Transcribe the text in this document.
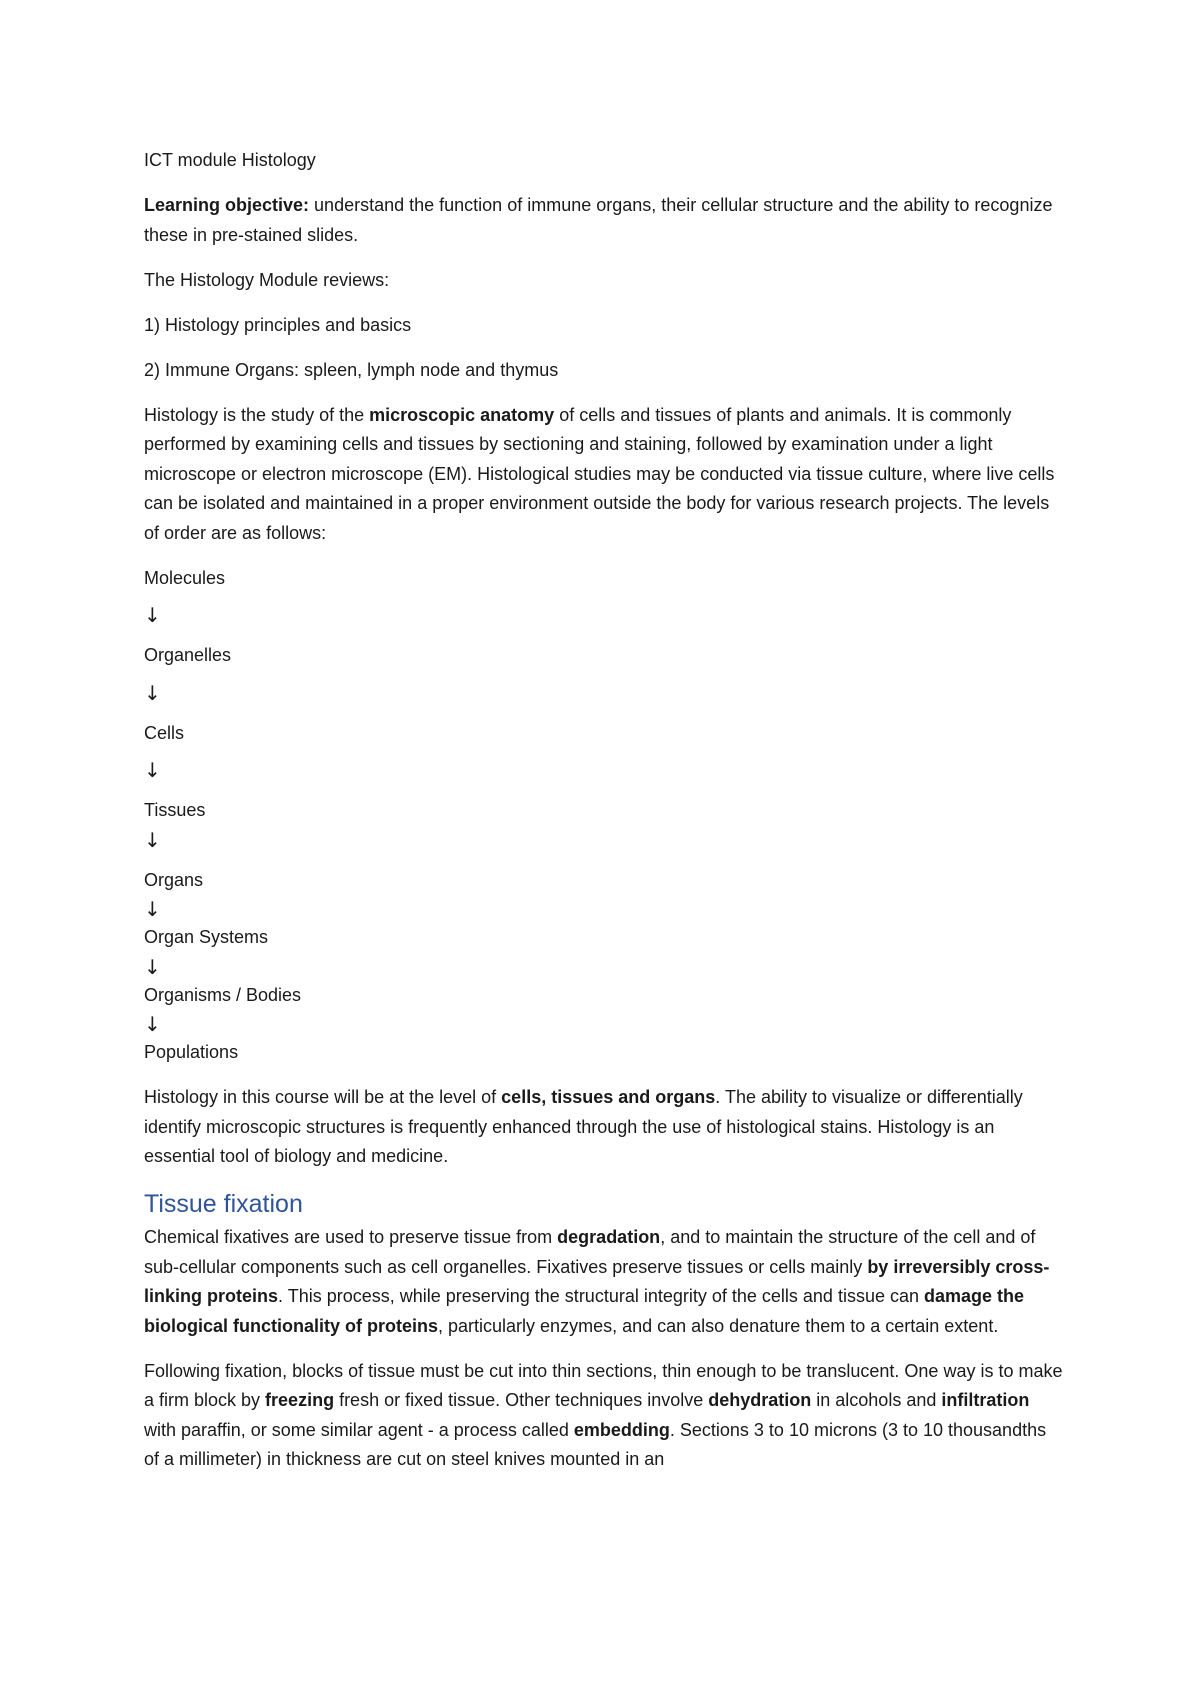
ICT module Histology

Learning objective: understand the function of immune organs, their cellular structure and the ability to recognize these in pre-stained slides.

The Histology Module reviews:

1) Histology principles and basics

2) Immune Organs: spleen, lymph node and thymus

Histology is the study of the microscopic anatomy of cells and tissues of plants and animals. It is commonly performed by examining cells and tissues by sectioning and staining, followed by examination under a light microscope or electron microscope (EM). Histological studies may be conducted via tissue culture, where live cells can be isolated and maintained in a proper environment outside the body for various research projects. The levels of order are as follows:

Molecules

↓

Organelles

↓

Cells

↓

Tissues

↓

Organs

↓

Organ Systems

↓

Organisms / Bodies

↓

Populations

Histology in this course will be at the level of cells, tissues and organs. The ability to visualize or differentially identify microscopic structures is frequently enhanced through the use of histological stains. Histology is an essential tool of biology and medicine.

Tissue fixation

Chemical fixatives are used to preserve tissue from degradation, and to maintain the structure of the cell and of sub-cellular components such as cell organelles. Fixatives preserve tissues or cells mainly by irreversibly cross-linking proteins. This process, while preserving the structural integrity of the cells and tissue can damage the biological functionality of proteins, particularly enzymes, and can also denature them to a certain extent.

Following fixation, blocks of tissue must be cut into thin sections, thin enough to be translucent. One way is to make a firm block by freezing fresh or fixed tissue. Other techniques involve dehydration in alcohols and infiltration with paraffin, or some similar agent - a process called embedding. Sections 3 to 10 microns (3 to 10 thousandths of a millimeter) in thickness are cut on steel knives mounted in an
